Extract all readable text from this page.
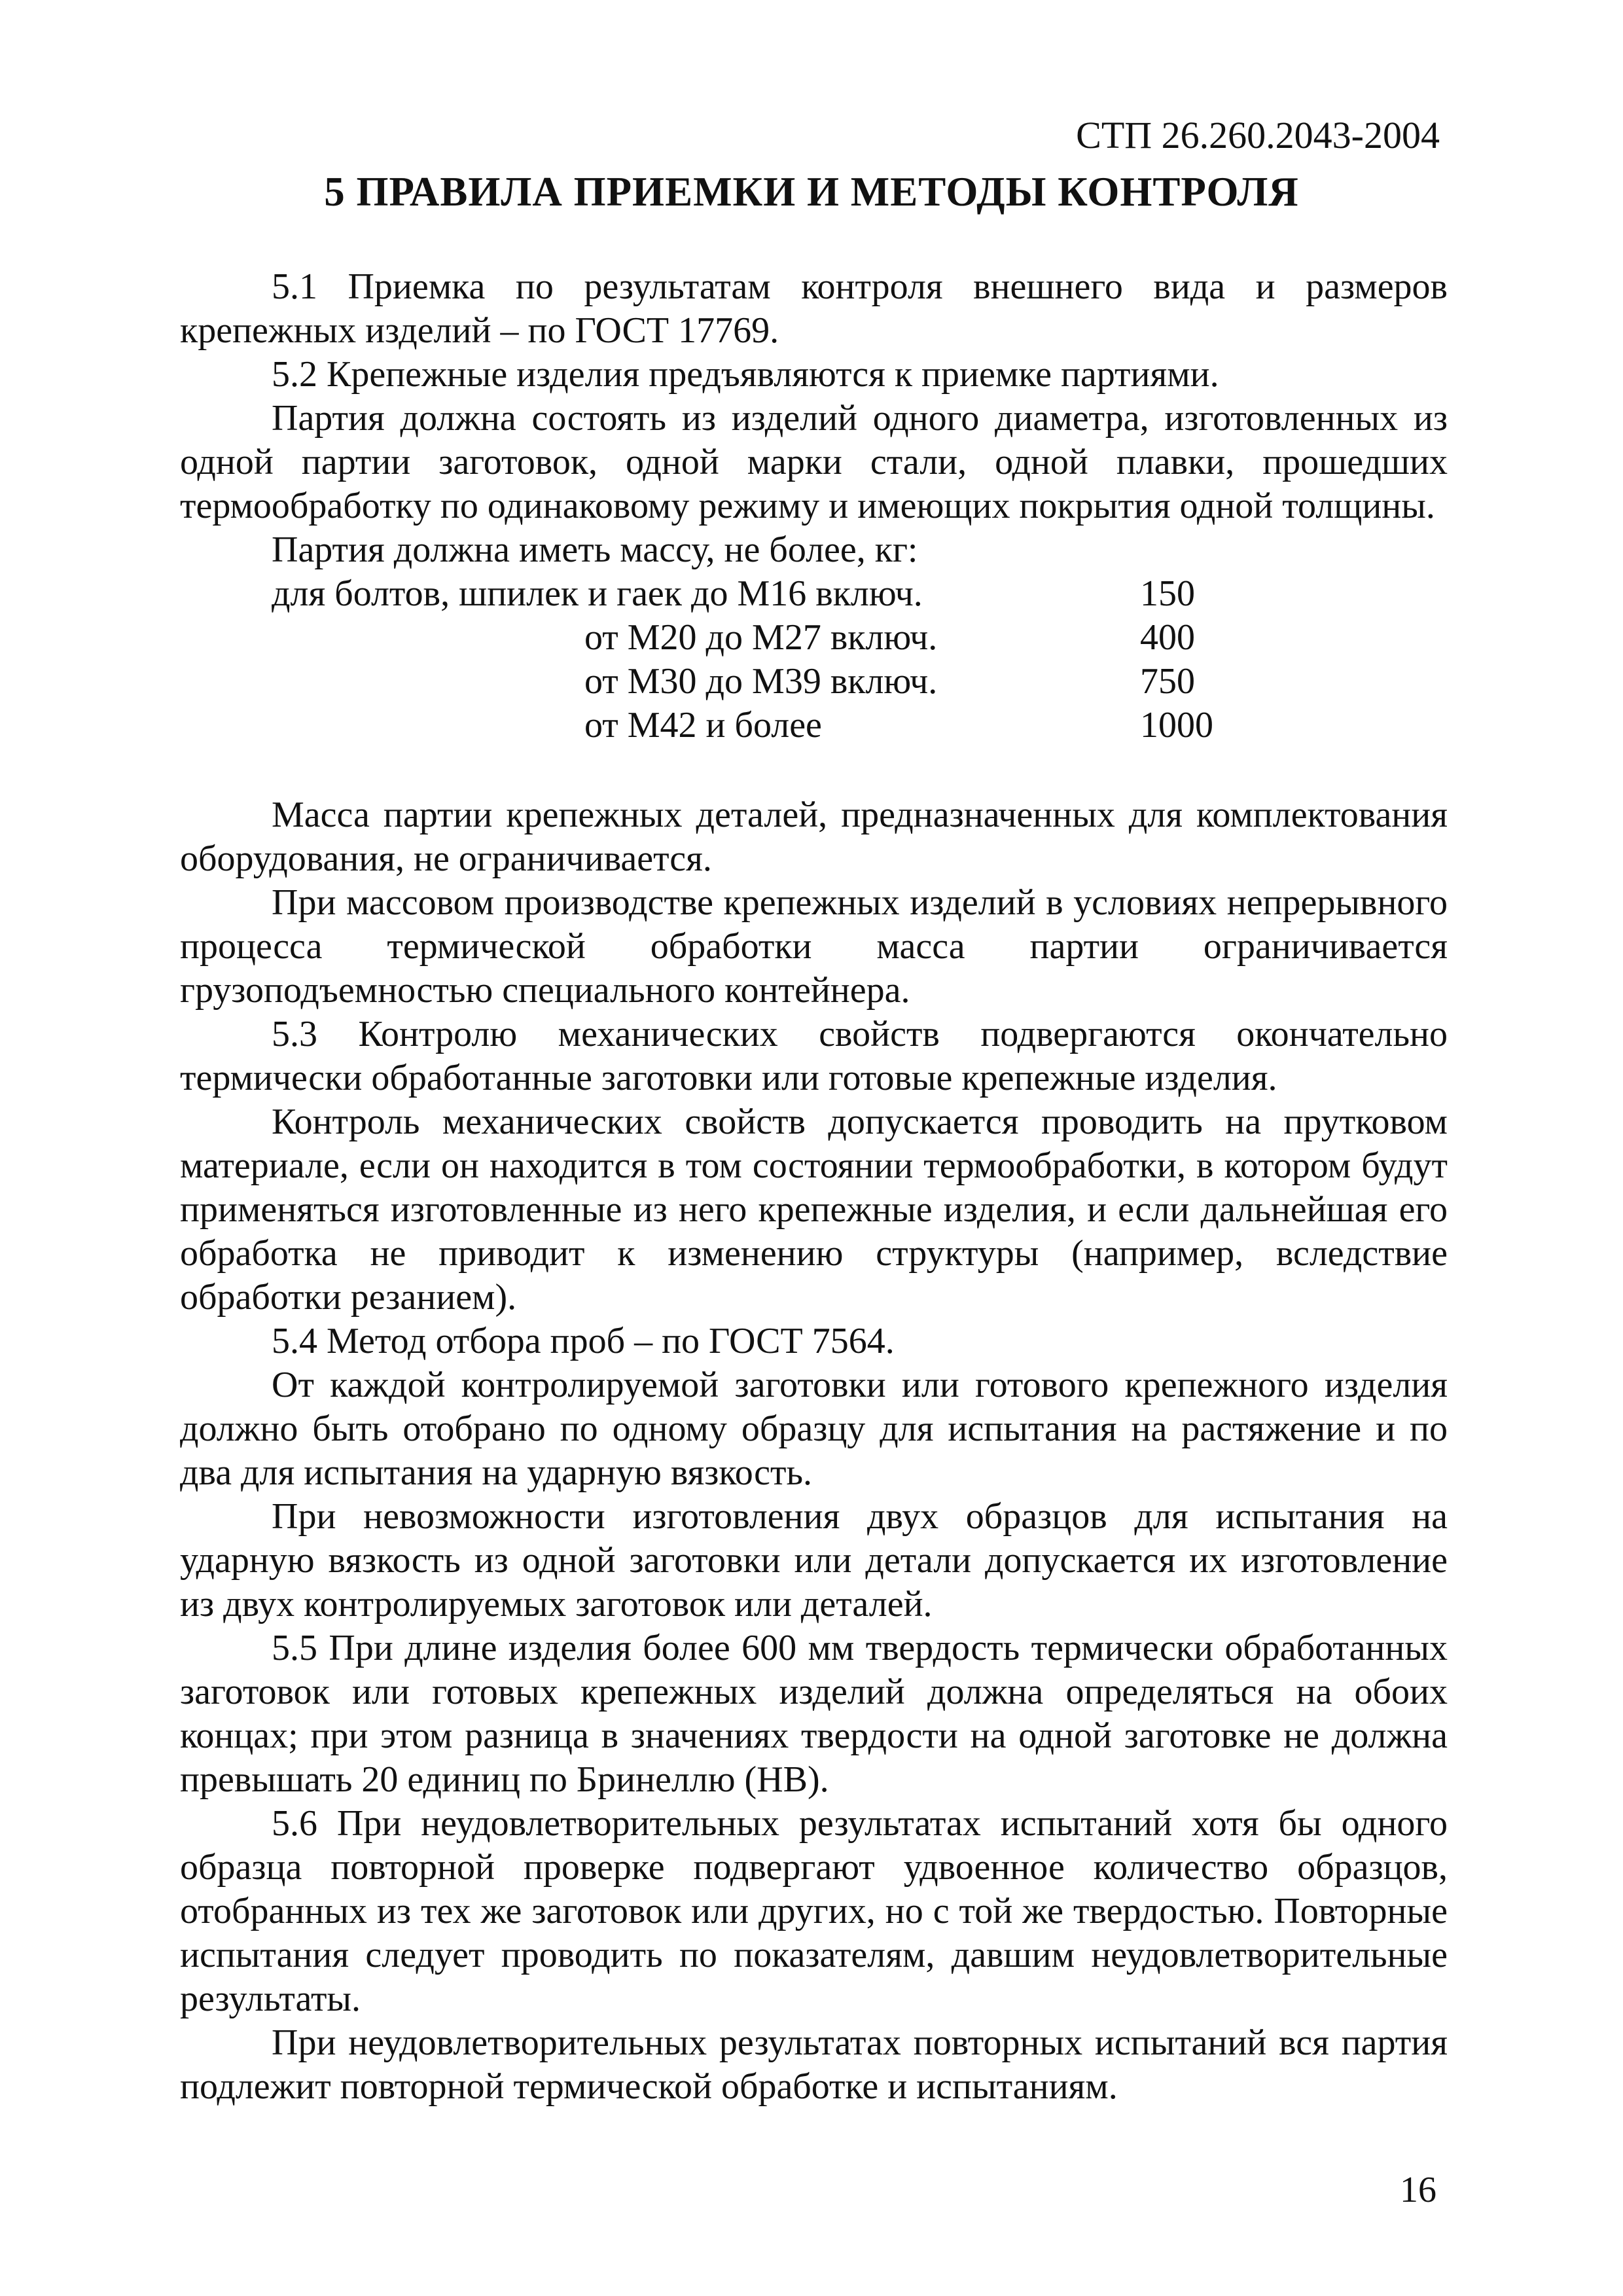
СТП 26.260.2043-2004
5 ПРАВИЛА ПРИЕМКИ И МЕТОДЫ КОНТРОЛЯ

5.1 Приемка по результатам контроля внешнего вида и размеров крепежных изделий – по ГОСТ 17769.

5.2 Крепежные изделия предъявляются к приемке партиями.

Партия должна состоять из изделий одного диаметра, изготовленных из одной партии заготовок, одной марки стали, одной плавки, прошедших термообработку по одинаковому режиму и имеющих покрытия одной толщины.

Партия должна иметь массу, не более, кг:

для болтов, шпилек и гаек до М16 включ.	150
от М20 до М27 включ.	400
от М30 до М39 включ.	750
от М42 и более	1000

Масса партии крепежных деталей, предназначенных для комплектования оборудования, не ограничивается.

При массовом производстве крепежных изделий в условиях непрерывного процесса термической обработки масса партии ограничивается грузоподъемностью специального контейнера.

5.3 Контролю механических свойств подвергаются окончательно термически обработанные заготовки или готовые крепежные изделия.

Контроль механических свойств допускается проводить на прутковом материале, если он находится в том состоянии термообработки, в котором будут применяться изготовленные из него крепежные изделия, и если дальнейшая его обработка не приводит к изменению структуры (например, вследствие обработки резанием).

5.4 Метод отбора проб – по ГОСТ 7564.

От каждой контролируемой заготовки или готового крепежного изделия должно быть отобрано по одному образцу для испытания на растяжение и по два для испытания на ударную вязкость.

При невозможности изготовления двух образцов для испытания на ударную вязкость из одной заготовки или детали допускается их изготовление из двух контролируемых заготовок или деталей.

5.5 При длине изделия более 600 мм твердость термически обработанных заготовок или готовых крепежных изделий должна определяться на обоих концах; при этом разница в значениях твердости на одной заготовке не должна превышать 20 единиц по Бринеллю (НВ).

5.6 При неудовлетворительных результатах испытаний хотя бы одного образца повторной проверке подвергают удвоенное количество образцов, отобранных из тех же заготовок или других, но с той же твердостью. Повторные испытания следует проводить по показателям, давшим неудовлетворительные результаты.

При неудовлетворительных результатах повторных испытаний вся партия подлежит повторной термической обработке и испытаниям.

16
